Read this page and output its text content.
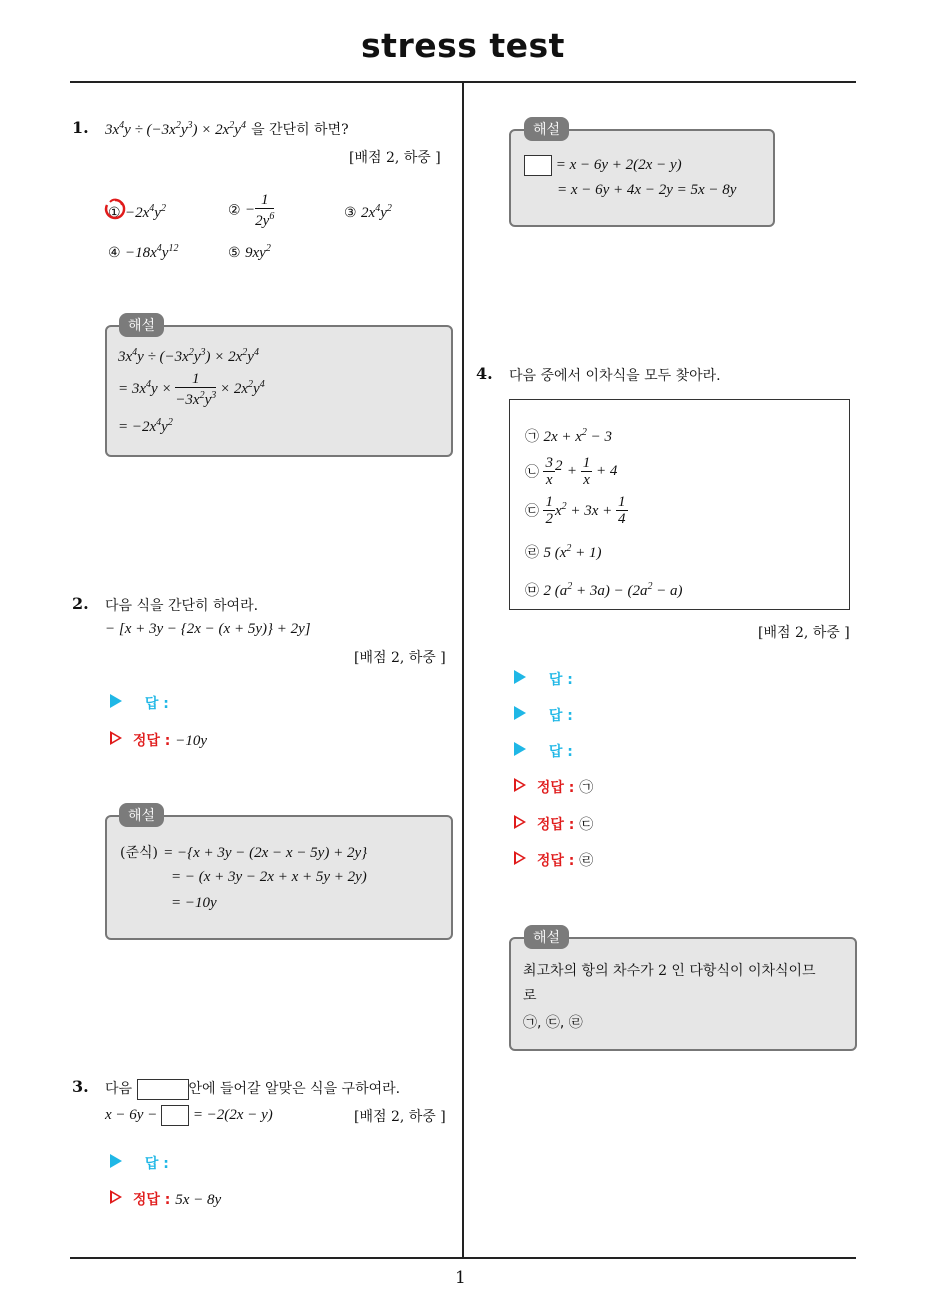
stress test
1
1. $3x^4y \div (-3x^2y^3) \times 2x^2y^4$ 을 간단히 하면?
[배점 2, 하중 ]
① $-2x^4y^2$	② − $\frac{1}{2y^6}$	③ $2x^4y^2$
④ $-18x^4y^{12}$	⑤ $9xy^2$
해설
$3x^4y \div (-3x^2y^3) \times 2x^2y^4$
= $3x^4y \times \frac{1}{-3x^2y^3} \times 2x^2y^4$
= $-2x^4y^2$
2. 다음 식을 간단히 하여라.
− [x + 3y − {2x − (x + 5y)} + 2y]
[배점 2, 하중 ]
답 :
정답 : −10y
해설
(준식) = −{x + 3y − (2x − x − 5y) + 2y}
= − (x + 3y − 2x + x + 5y + 2y)
= −10y
3. 다음	안에 들어갈 알맞은 식을 구하여라.
x − 6y −  = −2(2x − y)	[배점 2, 하중 ]
답 :
정답 : 5x − 8y
해설
= x − 6y + 2(2x − y)
= x − 6y + 4x − 2y = 5x − 8y
4. 다음 중에서 이차식을 모두 찾아라.
㉠ $2x + x^2 - 3$
㉡ $\frac{3}{x} ^2 + \frac{1}{x} + 4$
㉢ $\frac{1}{2} x^2 + 3x + \frac{1}{4}$
㉣ 5 $(x^2 + 1)$
㉤ 2 $(a^2 + 3a) - (2a^2 - a)$
[배점 2, 하중 ]
답 :
답 :
답 :
정답 : ㉠
정답 : ㉢
정답 : ㉣
해설
최고차의 항의 차수가 2 인 다항식이 이차식이므
로
㉠, ㉢, ㉣
